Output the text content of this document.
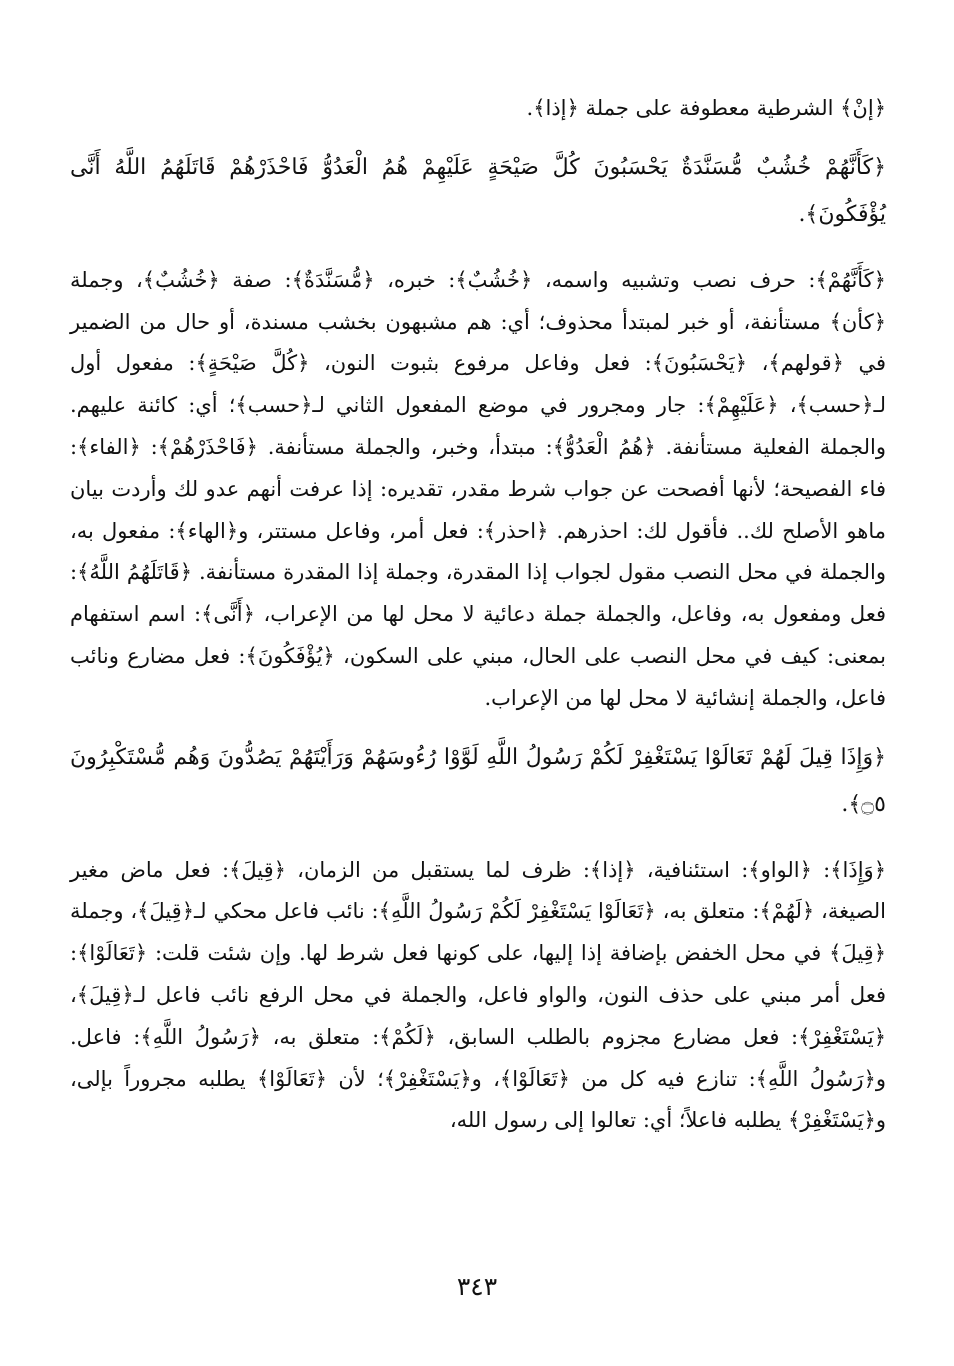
﴿إنْ﴾ الشرطية معطوفة على جملة ﴿إذا﴾.

﴿كَأَنَّهُمْ خُشُبٌ مُّسَنَّدَةٌ يَحْسَبُونَ كُلَّ صَيْحَةٍ عَلَيْهِمْ هُمُ الْعَدُوُّ فَاحْذَرْهُمْ قَاتَلَهُمُ اللَّهُ أَنَّى يُؤْفَكُونَ﴾.

﴿كَأَنَّهُمْ﴾: حرف نصب وتشبيه واسمه، ﴿خُشُبٌ﴾: خبره، ﴿مُّسَنَّدَةٌ﴾: صفة ﴿خُشُبٌ﴾، وجملة ﴿كأن﴾ مستأنفة، أو خبر لمبتدأ محذوف؛ أي: هم مشبهون بخشب مسندة، أو حال من الضمير في ﴿قولهم﴾، ﴿يَحْسَبُونَ﴾: فعل وفاعل مرفوع بثبوت النون، ﴿كُلَّ صَيْحَةٍ﴾: مفعول أول لـ﴿حسب﴾، ﴿عَلَيْهِمْ﴾: جار ومجرور في موضع المفعول الثاني لـ﴿حسب﴾؛ أي: كائنة عليهم. والجملة الفعلية مستأنفة. ﴿هُمُ الْعَدُوُّ﴾: مبتدأ، وخبر، والجملة مستأنفة. ﴿فَاحْذَرْهُمْ﴾: ﴿الفاء﴾: فاء الفصيحة؛ لأنها أفصحت عن جواب شرط مقدر، تقديره: إذا عرفت أنهم عدو لك وأردت بيان ماهو الأصلح لك.. فأقول لك: احذرهم. ﴿احذر﴾: فعل أمر، وفاعل مستتر، و﴿الهاء﴾: مفعول به، والجملة في محل النصب مقول لجواب إذا المقدرة، وجملة إذا المقدرة مستأنفة. ﴿قَاتَلَهُمُ اللَّهُ﴾: فعل ومفعول به، وفاعل، والجملة جملة دعائية لا محل لها من الإعراب، ﴿أَنَّى﴾: اسم استفهام بمعنى: كيف في محل النصب على الحال، مبني على السكون، ﴿يُؤْفَكُونَ﴾: فعل مضارع ونائب فاعل، والجملة إنشائية لا محل لها من الإعراب.

﴿وَإِذَا قِيلَ لَهُمْ تَعَالَوْا يَسْتَغْفِرْ لَكُمْ رَسُولُ اللَّهِ لَوَّوْا رُءُوسَهُمْ وَرَأَيْتَهُمْ يَصُدُّونَ وَهُم مُّسْتَكْبِرُونَ ۝٥﴾.

﴿وَإِذَا﴾: ﴿الواو﴾: استئنافية، ﴿إذا﴾: ظرف لما يستقبل من الزمان، ﴿قِيلَ﴾: فعل ماض مغير الصيغة، ﴿لَهُمْ﴾: متعلق به، ﴿تَعَالَوْا يَسْتَغْفِرْ لَكُمْ رَسُولُ اللَّهِ﴾: نائب فاعل محكي لـ﴿قِيلَ﴾، وجملة ﴿قِيلَ﴾ في محل الخفض بإضافة إذا إليها، على كونها فعل شرط لها. وإن شئت قلت: ﴿تَعَالَوْا﴾: فعل أمر مبني على حذف النون، والواو فاعل، والجملة في محل الرفع نائب فاعل لـ﴿قِيلَ﴾، ﴿يَسْتَغْفِرْ﴾: فعل مضارع مجزوم بالطلب السابق، ﴿لَكُمْ﴾: متعلق به، ﴿رَسُولُ اللَّهِ﴾: فاعل. و﴿رَسُولُ اللَّهِ﴾: تنازع فيه كل من ﴿تَعَالَوْا﴾، و﴿يَسْتَغْفِرْ﴾؛ لأن ﴿تَعَالَوْا﴾ يطلبه مجروراً بإلى، و﴿يَسْتَغْفِرْ﴾ يطلبه فاعلاً؛ أي: تعالوا إلى رسول الله،

٣٤٣
